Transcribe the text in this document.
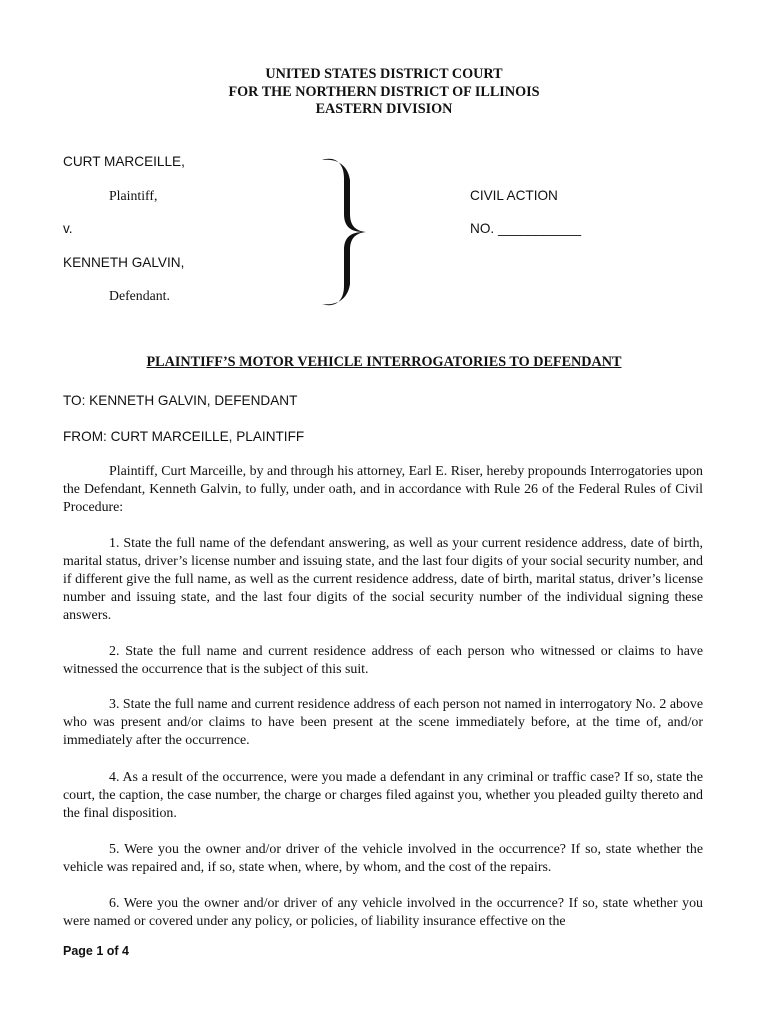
UNITED STATES DISTRICT COURT
FOR THE NORTHERN DISTRICT OF ILLINOIS
EASTERN DIVISION
CURT MARCEILLE,
Plaintiff,
v.
KENNETH GALVIN,
Defendant.
CIVIL ACTION
NO. ___________
PLAINTIFF’S MOTOR VEHICLE INTERROGATORIES TO DEFENDANT
TO: KENNETH GALVIN, DEFENDANT
FROM: CURT MARCEILLE, PLAINTIFF

Plaintiff, Curt Marceille, by and through his attorney, Earl E. Riser, hereby propounds Interrogatories upon the Defendant, Kenneth Galvin, to fully, under oath, and in accordance with Rule 26 of the Federal Rules of Civil Procedure:

1. State the full name of the defendant answering, as well as your current residence address, date of birth, marital status, driver’s license number and issuing state, and the last four digits of your social security number, and if different give the full name, as well as the current residence address, date of birth, marital status, driver’s license number and issuing state, and the last four digits of the social security number of the individual signing these answers.

2. State the full name and current residence address of each person who witnessed or claims to have witnessed the occurrence that is the subject of this suit.

3. State the full name and current residence address of each person not named in interrogatory No. 2 above who was present and/or claims to have been present at the scene immediately before, at the time of, and/or immediately after the occurrence.

4. As a result of the occurrence, were you made a defendant in any criminal or traffic case? If so, state the court, the caption, the case number, the charge or charges filed against you, whether you pleaded guilty thereto and the final disposition.

5. Were you the owner and/or driver of the vehicle involved in the occurrence? If so, state whether the vehicle was repaired and, if so, state when, where, by whom, and the cost of the repairs.

6. Were you the owner and/or driver of any vehicle involved in the occurrence? If so, state whether you were named or covered under any policy, or policies, of liability insurance effective on the

Page 1 of 4
